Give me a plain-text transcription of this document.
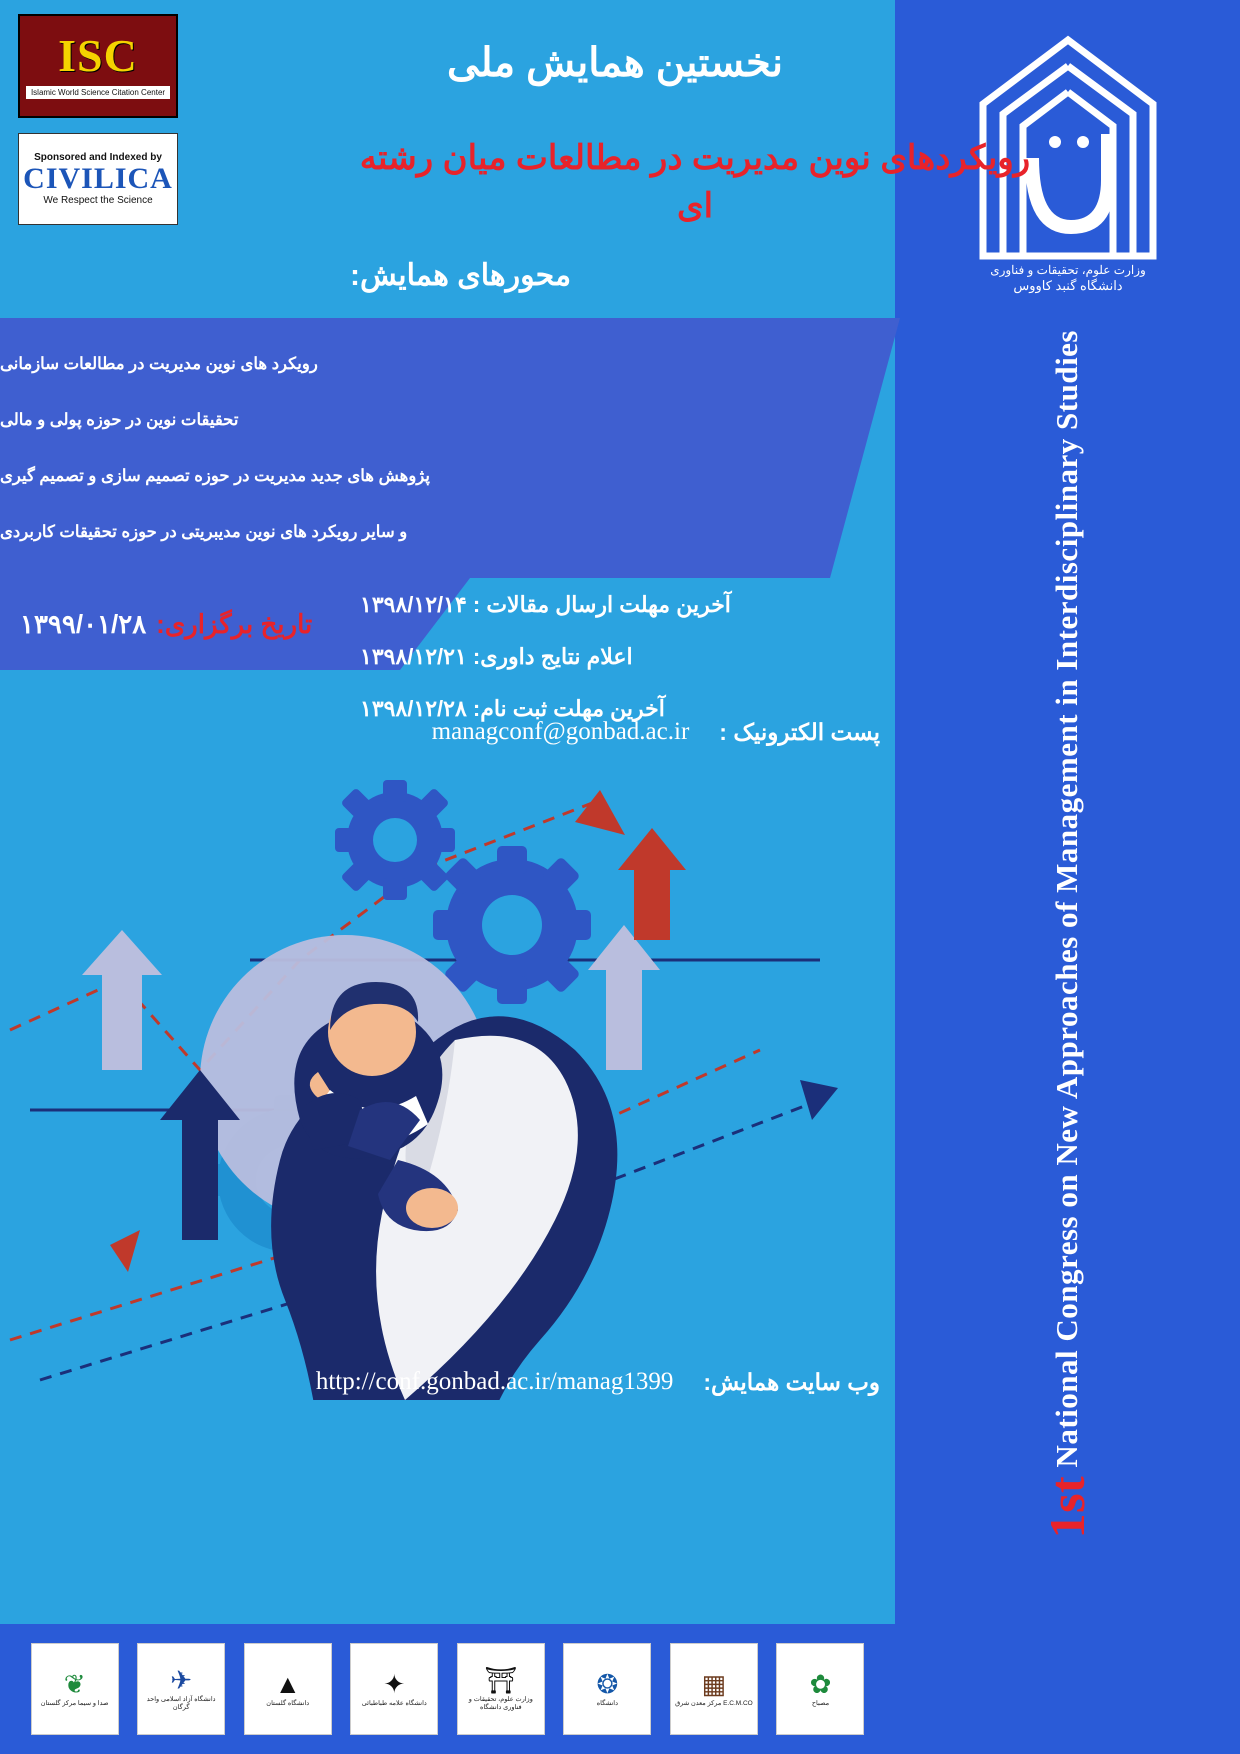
وزارت علوم، تحقیقات و فناوری
دانشگاه گنبد کاووس
1st National Congress on New Approaches of Management in Interdisciplinary Studies
ISC
Islamic World Science Citation Center
Sponsored and Indexed by
CIVILICA
We Respect the Science
نخستین همایش ملی
رویکردهای نوین مدیریت در مطالعات میان رشته ای
محورهای همایش:
رویکرد های نوین مدیریت در مطالعات سازمانی
تحقیقات نوین در حوزه پولی و مالی
پژوهش های جدید مدیریت در حوزه تصمیم سازی و تصمیم گیری
و سایر رویکرد های نوین مدیبریتی در حوزه تحقیقات کاربردی
تاریخ برگزاری:
١٣٩٩/٠١/٢٨
آخرین مهلت ارسال مقالات : ١٣٩٨/١٢/١۴
اعلام نتایج داوری: ١٣٩٨/١٢/٢١
آخرین مهلت ثبت نام: ١٣٩٨/١٢/٢٨
پست الکترونیک :
managconf@gonbad.ac.ir
وب سایت همایش:
http://conf.gonbad.ac.ir/manag1399
✿
مصباح
▦
E.C.M.CO مرکز معدن شرق
❂
دانشگاه
⛩
وزارت علوم، تحقیقات و فناوری دانشگاه
✦
دانشگاه علامه طباطبائی
▲
دانشگاه گلستان
✈
دانشگاه آزاد اسلامی واحد گرگان
❦
صدا و سیما مرکز گلستان
